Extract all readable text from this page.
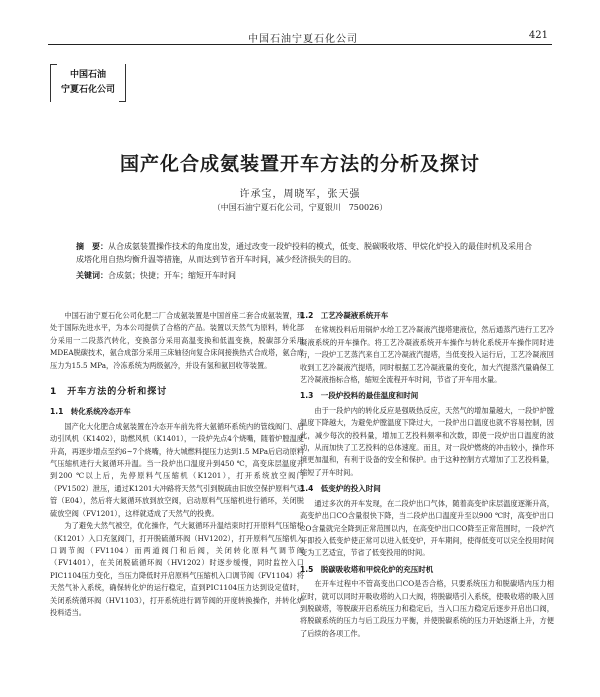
中国石油宁夏石化公司	421
中国石油
宁夏石化公司
国产化合成氨装置开车方法的分析及探讨
许承宝，周晓军，张天强
（中国石油宁夏石化公司，宁夏银川　750026）
摘　要：从合成氨装置操作技术的角度出发，通过改变一段炉投料的模式，低变、脱碳吸收塔、甲烷化炉投入的最佳时机及采用合成塔化用自热均衡升温等措施，从而达到节省开车时间，减少经济损失的目的。
关键词：合成氨；快捷；开车；缩短开车时间

中国石油宁夏石化公司化肥二厂合成氨装置是中国首座二套合成氨装置，现处于国际先进水平，为本公司提供了合格的产品。装置以天然气为原料，转化部分采用一二段蒸汽转化，变换部分采用高温变换和低温变换，脱碳部分采用MDEA脱碳技术，氨合成部分采用三床轴径向复合床间接换热式合成塔，氨合成压力为15.5 MPa，冷冻系统为两级氨冷，并设有氢和氨回收等装置。

1　开车方法的分析和探讨
1.1　转化系统冷态开车

国产化大化肥合成氨装置在冷态开车前先将大氨循环系统内的管线阀门、启动引风机（K1402），助燃风机（K1401），一段炉先点4个烧嘴，随着炉膛温度升高，再逐步增点至约6~7个烧嘴，待大城燃料提压力达到1.5 MPa后启动原料气压缩机进行大氮循环升温。当一段炉出口温度升到450 ℃，高变床层温度升到200 ℃以上后，先停原料气压缩机（K1201），打开系统放空阀门（PV1502）泄压，通过K1201大冲路将天然气引到脱硫由旧放空保护原料气适管（E04），然后将大氮循环放到放空阀，启动原料气压缩机进行循环，关闭脱硫放空阀（FV1201），这样就适成了天然气的投费。

为了避免大然气被空，优化操作，气大氮循环升温结束时打开原料气压缩机（K1201）入口充氢阀门，打开脱硫循环阀（HV1202），打开原料气压缩机入口调节阀（FV1104）而两道阀门和后阀，关闭转化原料气调节阀（FV1401），在关闭脱硫循环阀（HV1202）时逐步缓慢，同时监控入口PIC1104压力变化，当压力降低时开启原料气压缩机入口调节阀（FV1104）将天然气补入系统，确保转化炉的运行稳定，直到PIC1104压力达到设定值时，关闭系统循环阀（HV1103），打开系统进行调节阀的开度转换操作，并转化炉投料适当。

1.2　工艺冷凝液系统开车

在常规投料后用锅炉水给工艺冷凝液汽提塔建液位，然后通蒸汽进行工艺冷凝液系统的开车操作。将工艺冷凝液系统开车操作与转化系统开车操作同时进行，一段炉工艺蒸汽来自工艺冷凝液汽提塔，当低变投入运行后，工艺冷凝液回收到工艺冷凝液汽提塔，同时根据工艺冷凝液量的变化，加大汽提蒸汽量确保工艺冷凝液指标合格，缩短全流程开车时间，节省了开车用水量。

1.3　一段炉投料的最佳温度和时间

由于一段炉内的转化反应是强吸热反应，天然气的增加量越大，一段炉炉膛温度下降越大，为避免炉膛温度下降过大，一段炉出口温度也就不容易控制，因此，减少每次的投料量，增加工艺投料频率和次数，即使一段炉出口温度的波动，从而加快了工艺投料的总体速度。而且，对一段炉燃烧的冲击较小，操作环境更加温和，有利于设备的安全和保护。由于这种控制方式增加了工艺投料量，缩短了开车时间。

1.4　低变炉的投入时间

通过多次的开车发现，在二段炉出口气体，随着高变炉床层温度逐渐升高，高变炉出口CO含量很快下降，当二段炉出口温度升至以900 ℃时，高变炉出口CO含量就完全降到正常范围以内，在高变炉出口CO降至正常范围时，一段炉汽开即投入低变炉使正常可以进入低变炉，开车期间，使得低变可以完全投用时间变为工艺适宜，节省了低变投用的时间。

1.5　脱碳吸收塔和甲烷化炉的充压时机

在开车过程中不管高变出口CO是否合格，只要系统压力和脱碳塔内压力相应时，就可以同时开吸收塔的入口大阀，将脱碳塔引入系统，使吸收塔的吸入回到脱碳塔，等脱碳开启系统压力和稳定后，当入口压力稳定后逐步开启出口阀，将脱碳系统的压力与后工段压力平衡，并使脱碳系统的压力开始逐渐上升，方便了后续的各项工作。
